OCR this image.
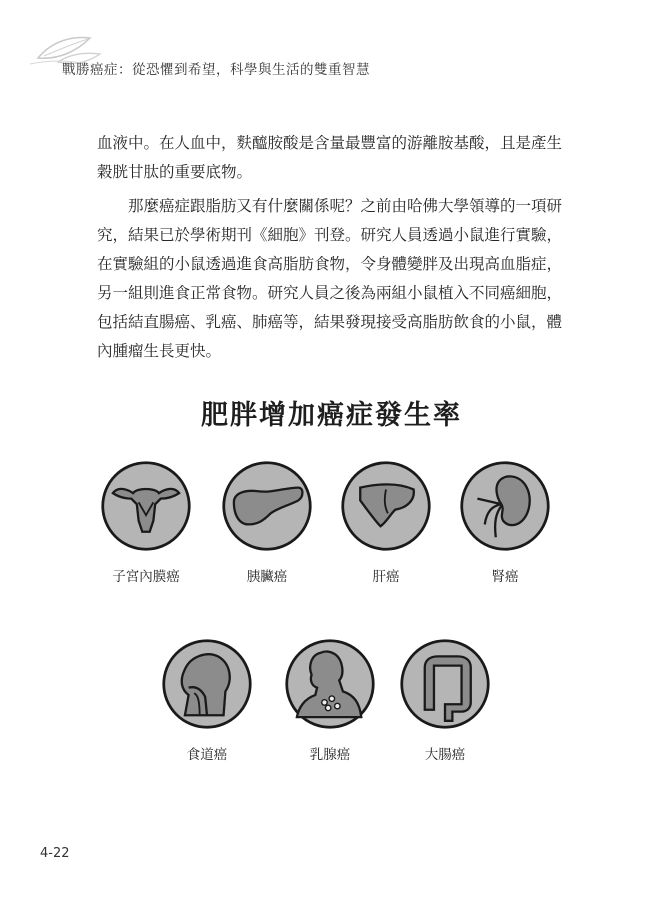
戰勝癌症：從恐懼到希望，科學與生活的雙重智慧

血液中。在人血中，麩醯胺酸是含量最豐富的游離胺基酸，且是產生穀胱甘肽的重要底物。

那麼癌症跟脂肪又有什麼關係呢？之前由哈佛大學領導的一項研究，結果已於學術期刊《細胞》刊登。研究人員透過小鼠進行實驗，在實驗組的小鼠透過進食高脂肪食物，令身體變胖及出現高血脂症，另一組則進食正常食物。研究人員之後為兩組小鼠植入不同癌細胞，包括結直腸癌、乳癌、肺癌等，結果發現接受高脂肪飲食的小鼠，體內腫瘤生長更快。

肥胖增加癌症發生率
子宮內膜癌	胰臟癌	肝癌	腎癌
食道癌	乳腺癌	大腸癌
4-22
